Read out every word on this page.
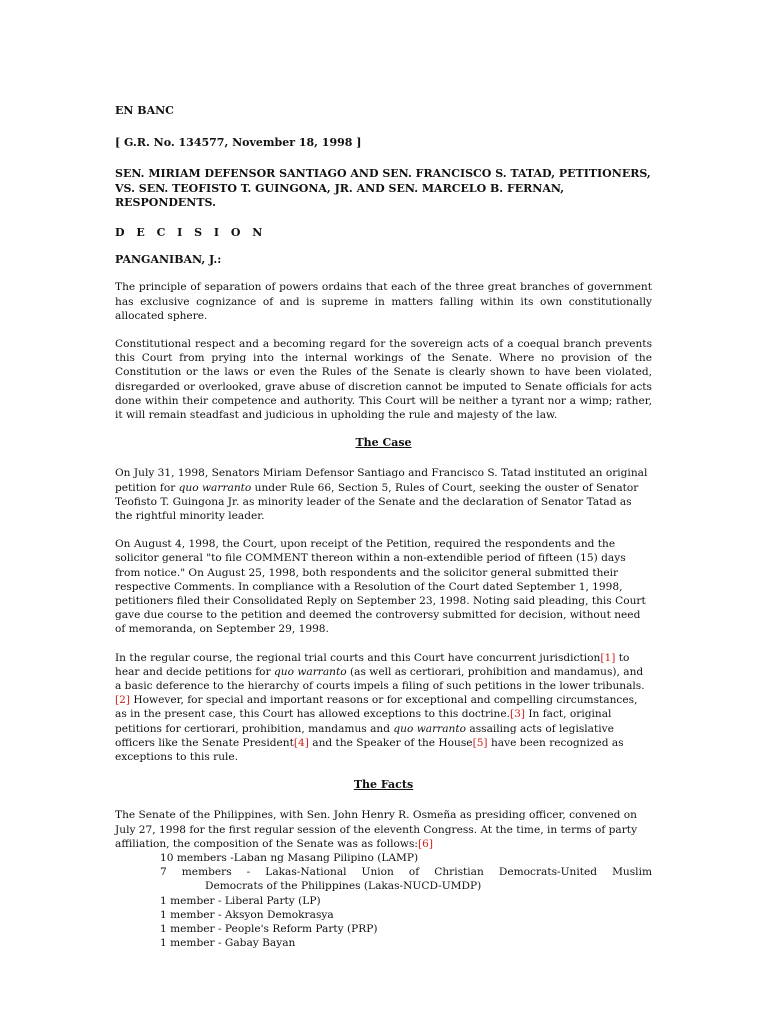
EN BANC
[ G.R. No. 134577, November 18, 1998 ]
SEN. MIRIAM DEFENSOR SANTIAGO AND SEN. FRANCISCO S. TATAD, PETITIONERS, VS. SEN. TEOFISTO T. GUINGONA, JR. AND SEN. MARCELO B. FERNAN, RESPONDENTS.
D E C I S I O N
PANGANIBAN, J.:

The principle of separation of powers ordains that each of the three great branches of government has exclusive cognizance of and is supreme in matters falling within its own constitutionally allocated sphere.

Constitutional respect and a becoming regard for the sovereign acts of a coequal branch prevents this Court from prying into the internal workings of the Senate. Where no provision of the Constitution or the laws or even the Rules of the Senate is clearly shown to have been violated, disregarded or overlooked, grave abuse of discretion cannot be imputed to Senate officials for acts done within their competence and authority. This Court will be neither a tyrant nor a wimp; rather, it will remain steadfast and judicious in upholding the rule and majesty of the law.

The Case

On July 31, 1998, Senators Miriam Defensor Santiago and Francisco S. Tatad instituted an original petition for quo warranto under Rule 66, Section 5, Rules of Court, seeking the ouster of Senator Teofisto T. Guingona Jr. as minority leader of the Senate and the declaration of Senator Tatad as the rightful minority leader.

On August 4, 1998, the Court, upon receipt of the Petition, required the respondents and the solicitor general "to file COMMENT thereon within a non-extendible period of fifteen (15) days from notice." On August 25, 1998, both respondents and the solicitor general submitted their respective Comments. In compliance with a Resolution of the Court dated September 1, 1998, petitioners filed their Consolidated Reply on September 23, 1998. Noting said pleading, this Court gave due course to the petition and deemed the controversy submitted for decision, without need of memoranda, on September 29, 1998.

In the regular course, the regional trial courts and this Court have concurrent jurisdiction[1] to hear and decide petitions for quo warranto (as well as certiorari, prohibition and mandamus), and a basic deference to the hierarchy of courts impels a filing of such petitions in the lower tribunals.[2] However, for special and important reasons or for exceptional and compelling circumstances, as in the present case, this Court has allowed exceptions to this doctrine.[3] In fact, original petitions for certiorari, prohibition, mandamus and quo warranto assailing acts of legislative officers like the Senate President[4] and the Speaker of the House[5] have been recognized as exceptions to this rule.

The Facts

The Senate of the Philippines, with Sen. John Henry R. Osmeña as presiding officer, convened on July 27, 1998 for the first regular session of the eleventh Congress. At the time, in terms of party affiliation, the composition of the Senate was as follows:[6]

10 members -Laban ng Masang Pilipino (LAMP)
7 members - Lakas-National Union of Christian Democrats-United Muslim
Democrats of the Philippines (Lakas-NUCD-UMDP)
1 member - Liberal Party (LP)
1 member - Aksyon Demokrasya
1 member - People's Reform Party (PRP)
1 member - Gabay Bayan
